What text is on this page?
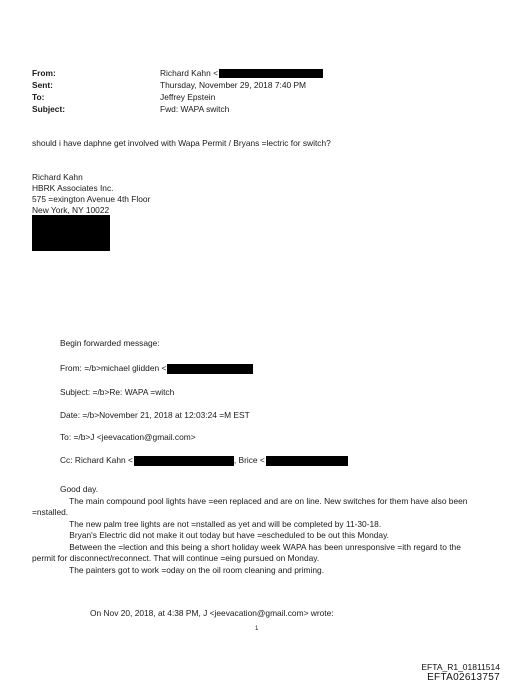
From:	Richard Kahn <
Sent:	Thursday, November 29, 2018 7:40 PM
To:	Jeffrey Epstein
Subject:	Fwd: WAPA switch
should i have daphne get involved with Wapa Permit / Bryans =lectric for switch?
Richard Kahn
HBRK Associates Inc.
575 =exington Avenue 4th Floor
New York, NY 10022
Begin forwarded message:
From: =/b>michael glidden <
Subject: =/b>Re: WAPA =witch
Date: =/b>November 21, 2018 at 12:03:24 =M EST
To: =/b>J <jeevacation@gmail.com>
Cc: Richard Kahn <	, Brice <
Good day.
The main compound pool lights have =een replaced and are on line. New switches for them have also been
=nstalled.
The new palm tree lights are not =nstalled as yet and will be completed by 11-30-18.
Bryan's Electric did not make it out today but have =escheduled to be out this Monday.
Between the =lection and this being a short holiday week WAPA has been unresponsive =ith regard to the
permit for disconnect/reconnect. That will continue =eing pursued on Monday.
The painters got to work =oday on the oil room cleaning and priming.
On Nov 20, 2018, at 4:38 PM, J <jeevacation@gmail.com> wrote:
1
EFTA_R1_01811514
EFTA02613757
